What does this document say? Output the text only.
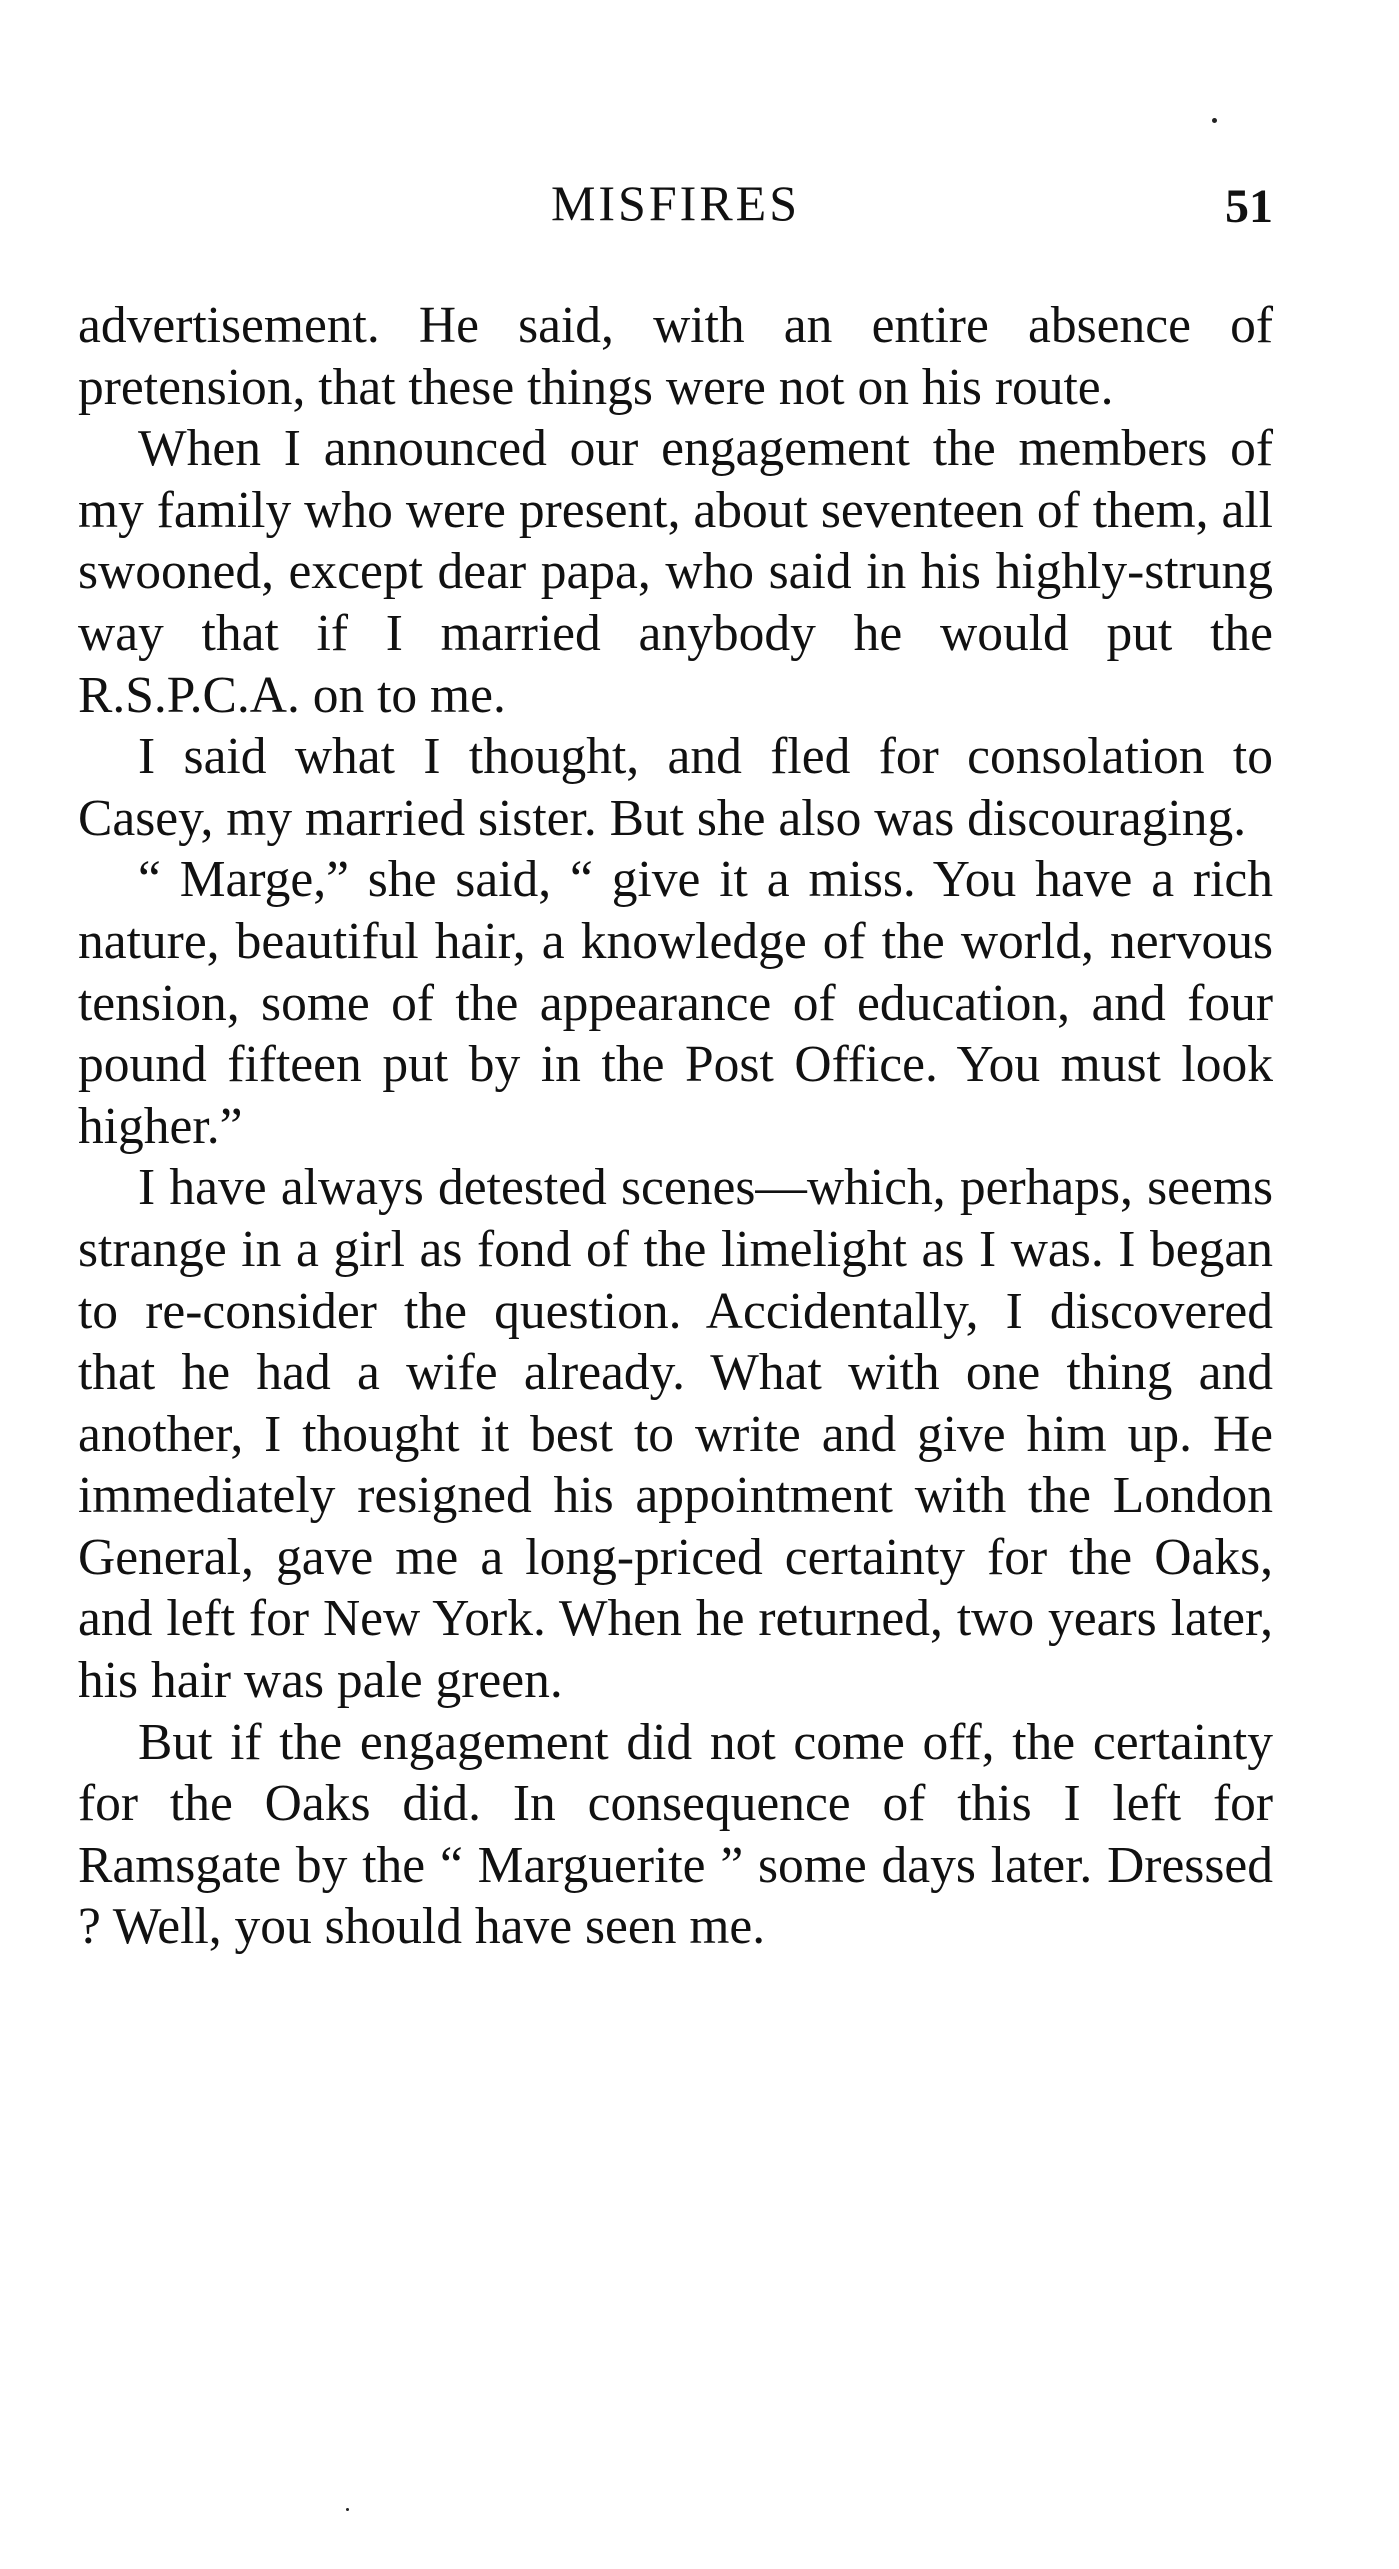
MISFIRES	51

advertisement. He said, with an entire absence of pretension, that these things were not on his route.

When I announced our engagement the members of my family who were present, about seventeen of them, all swooned, except dear papa, who said in his highly-strung way that if I married anybody he would put the R.S.P.C.A. on to me.

I said what I thought, and fled for consolation to Casey, my married sister. But she also was discouraging.

“ Marge,” she said, “ give it a miss. You have a rich nature, beautiful hair, a knowledge of the world, nervous tension, some of the appearance of education, and four pound fifteen put by in the Post Office. You must look higher.”

I have always detested scenes—which, perhaps, seems strange in a girl as fond of the limelight as I was. I began to re-consider the question. Accidentally, I discovered that he had a wife already. What with one thing and another, I thought it best to write and give him up. He immediately resigned his appointment with the London General, gave me a long-priced certainty for the Oaks, and left for New York. When he returned, two years later, his hair was pale green.

But if the engagement did not come off, the certainty for the Oaks did. In consequence of this I left for Ramsgate by the “ Marguerite ” some days later. Dressed ? Well, you should have seen me.
